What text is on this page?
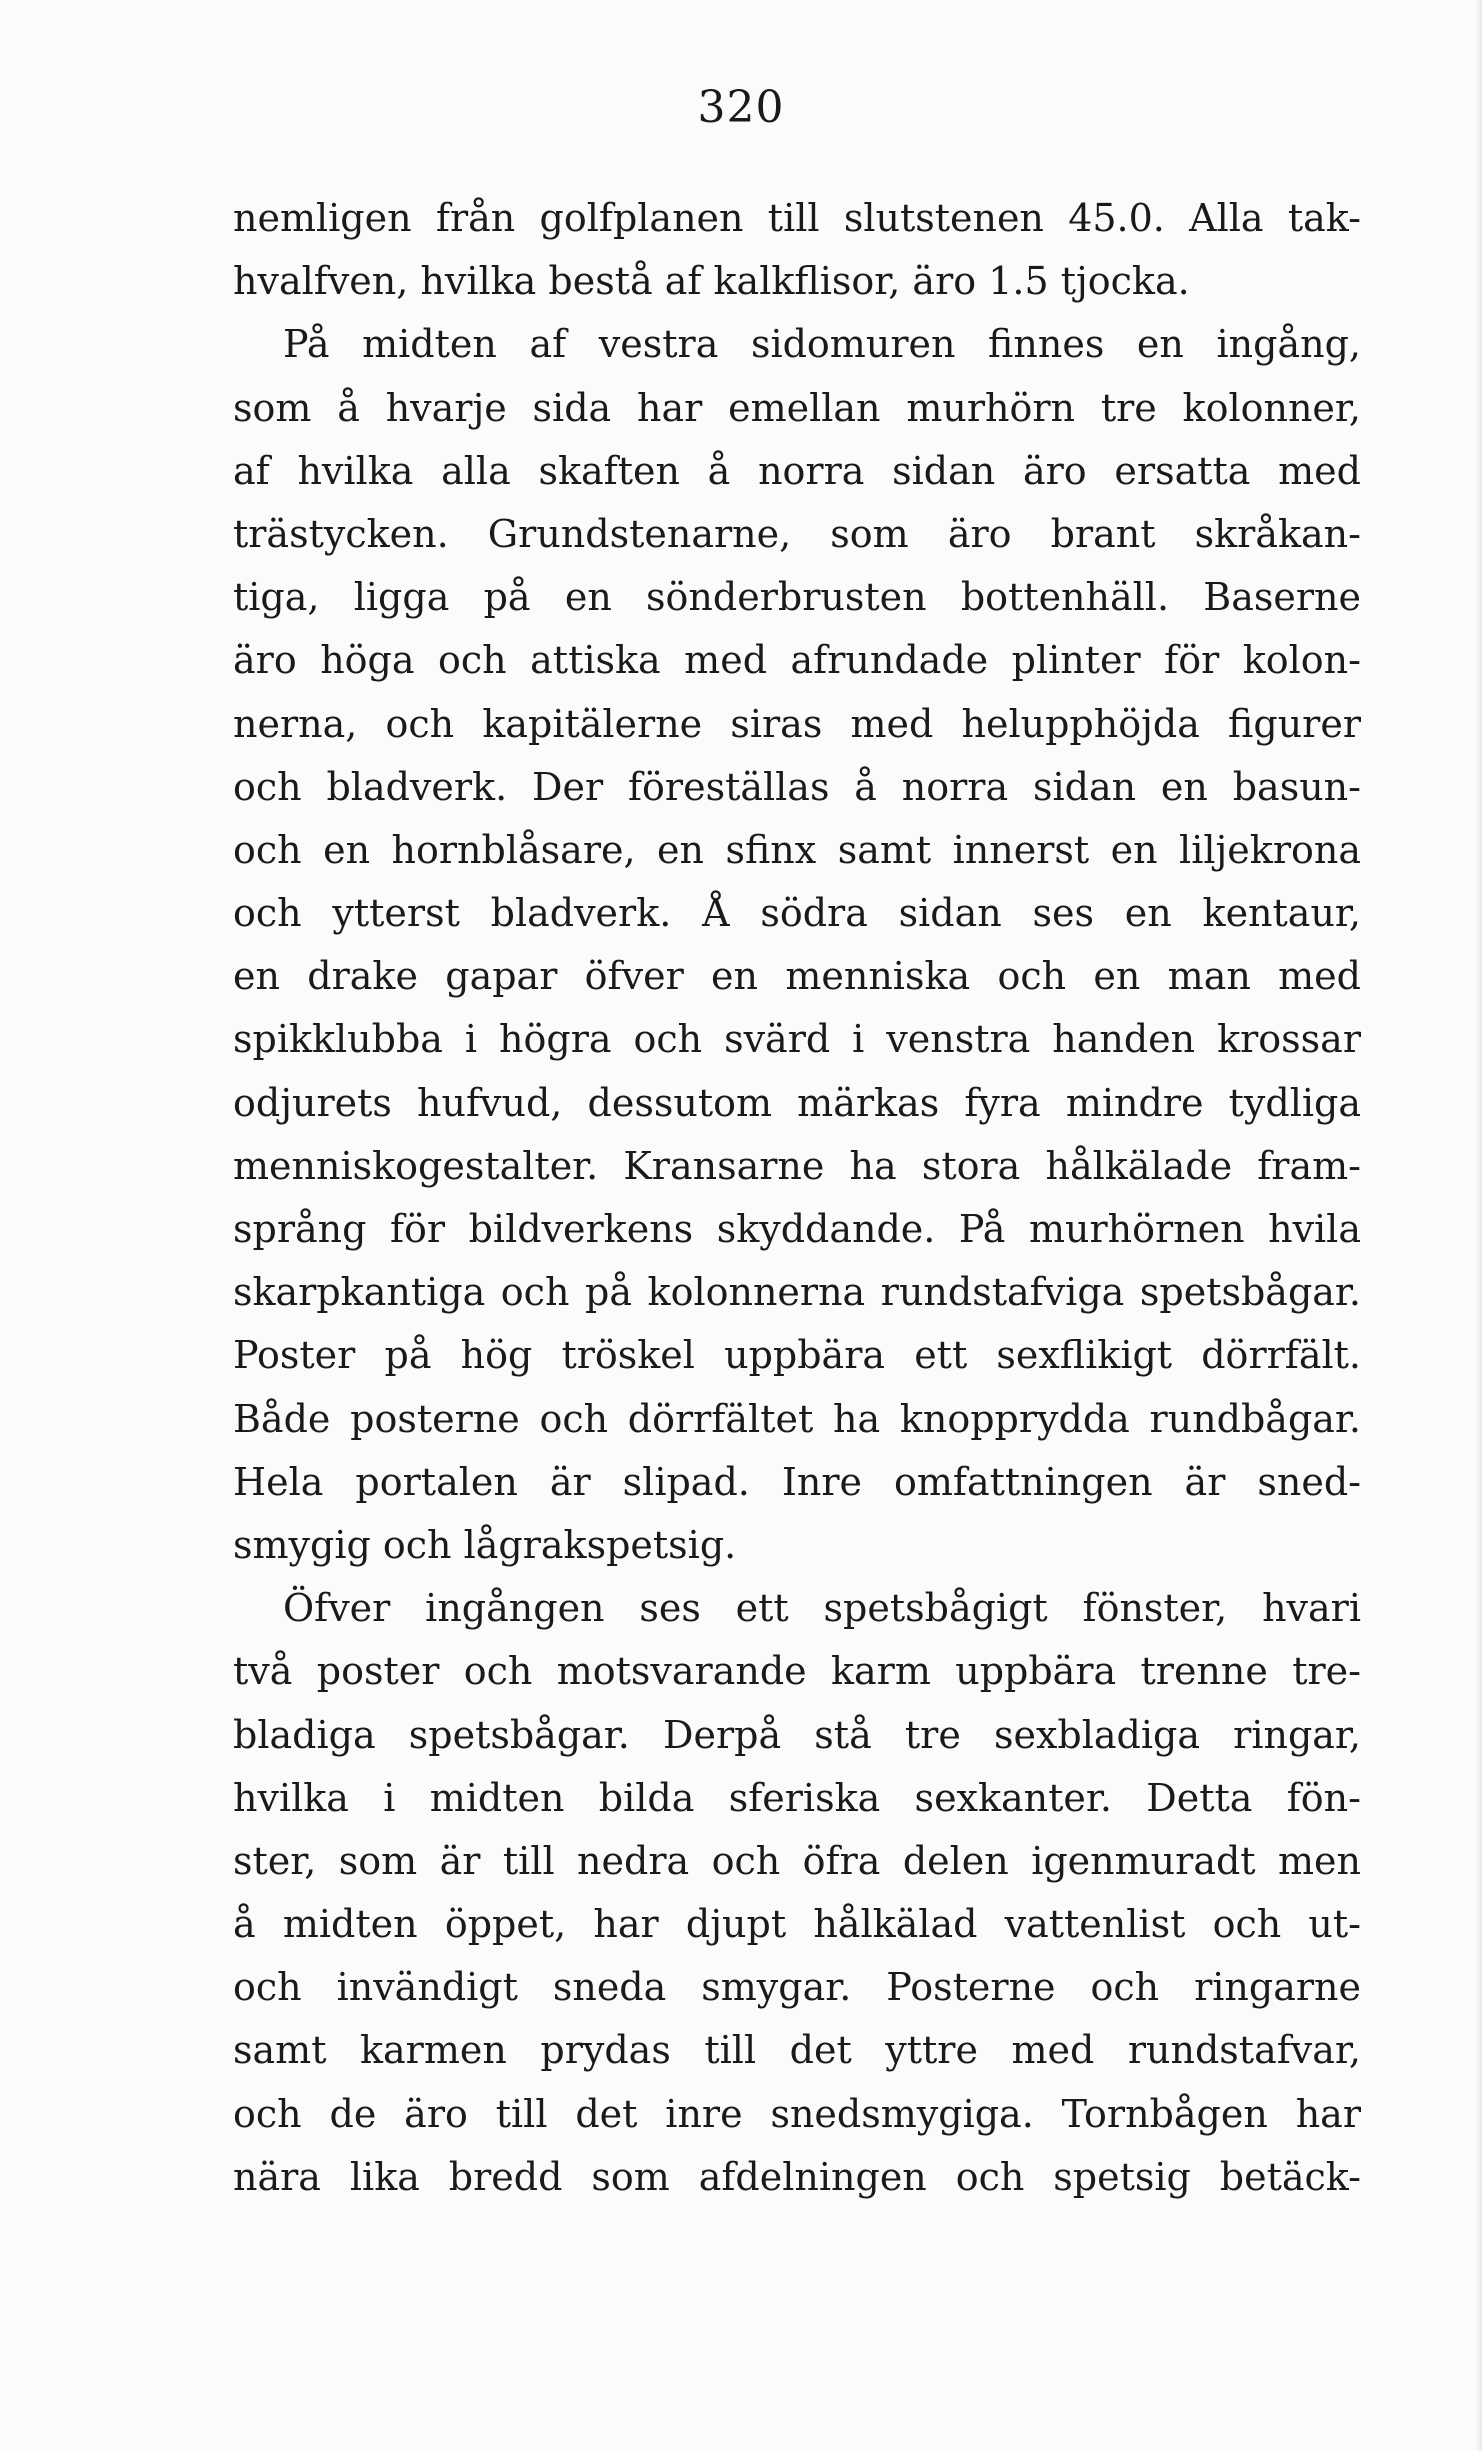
320
nemligen från golfplanen till slutstenen 45.0. Alla tak-
hvalfven, hvilka bestå af kalkflisor, äro 1.5 tjocka.
På midten af vestra sidomuren finnes en ingång,
som å hvarje sida har emellan murhörn tre kolonner,
af hvilka alla skaften å norra sidan äro ersatta med
trästycken. Grundstenarne, som äro brant skråkan-
tiga, ligga på en sönderbrusten bottenhäll. Baserne
äro höga och attiska med afrundade plinter för kolon-
nerna, och kapitälerne siras med helupphöjda figurer
och bladverk. Der föreställas å norra sidan en basun-
och en hornblåsare, en sfinx samt innerst en liljekrona
och ytterst bladverk. Å södra sidan ses en kentaur,
en drake gapar öfver en menniska och en man med
spikklubba i högra och svärd i venstra handen krossar
odjurets hufvud, dessutom märkas fyra mindre tydliga
menniskogestalter. Kransarne ha stora hålkälade fram-
språng för bildverkens skyddande. På murhörnen hvila
skarpkantiga och på kolonnerna rundstafviga spetsbågar.
Poster på hög tröskel uppbära ett sexflikigt dörrfält.
Både posterne och dörrfältet ha knopprydda rundbågar.
Hela portalen är slipad. Inre omfattningen är sned-
smygig och lågrakspetsig.
Öfver ingången ses ett spetsbågigt fönster, hvari
två poster och motsvarande karm uppbära trenne tre-
bladiga spetsbågar. Derpå stå tre sexbladiga ringar,
hvilka i midten bilda sferiska sexkanter. Detta fön-
ster, som är till nedra och öfra delen igenmuradt men
å midten öppet, har djupt hålkälad vattenlist och ut-
och invändigt sneda smygar. Posterne och ringarne
samt karmen prydas till det yttre med rundstafvar,
och de äro till det inre snedsmygiga. Tornbågen har
nära lika bredd som afdelningen och spetsig betäck-
